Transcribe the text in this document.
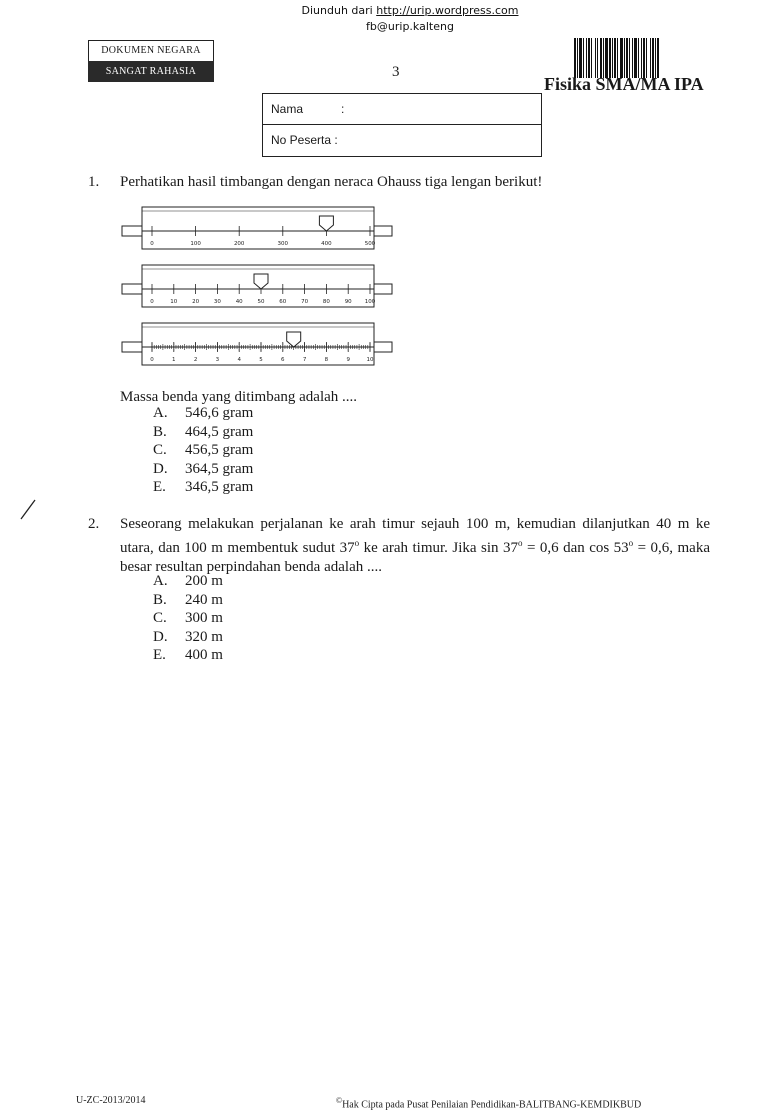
Diunduh dari http://urip.wordpress.com
fb@urip.kalteng
DOKUMEN NEGARA
SANGAT RAHASIA	3
Fisika SMA/MA IPA
Nama	:
No Peserta :
1. Perhatikan hasil timbangan dengan neraca Ohauss tiga lengan berikut!
0	100	200	300	400	500
0	10	20	30	40	50	60	70	80	90 100
0	1	2	3	4	5	6	7	8	9	10
Massa benda yang ditimbang adalah ....
A.	546,6 gram
B.	464,5 gram
C.	456,5 gram
D.	364,5 gram
E.	346,5 gram
2. Seseorang melakukan perjalanan ke arah timur sejauh 100 m, kemudian dilanjutkan 40 m ke utara, dan 100 m membentuk sudut 37$^o$ ke arah timur. Jika $\sin 37^o = 0,6$ dan $\cos 53^o = 0,6$, maka besar resultan perpindahan benda adalah ....
A.	200 m
B.	240 m
C.	300 m
D.	320 m
E.	400 m
U-ZC-2013/2014	©Hak Cipta pada Pusat Penilaian Pendidikan-BALITBANG-KEMDIKBUD
